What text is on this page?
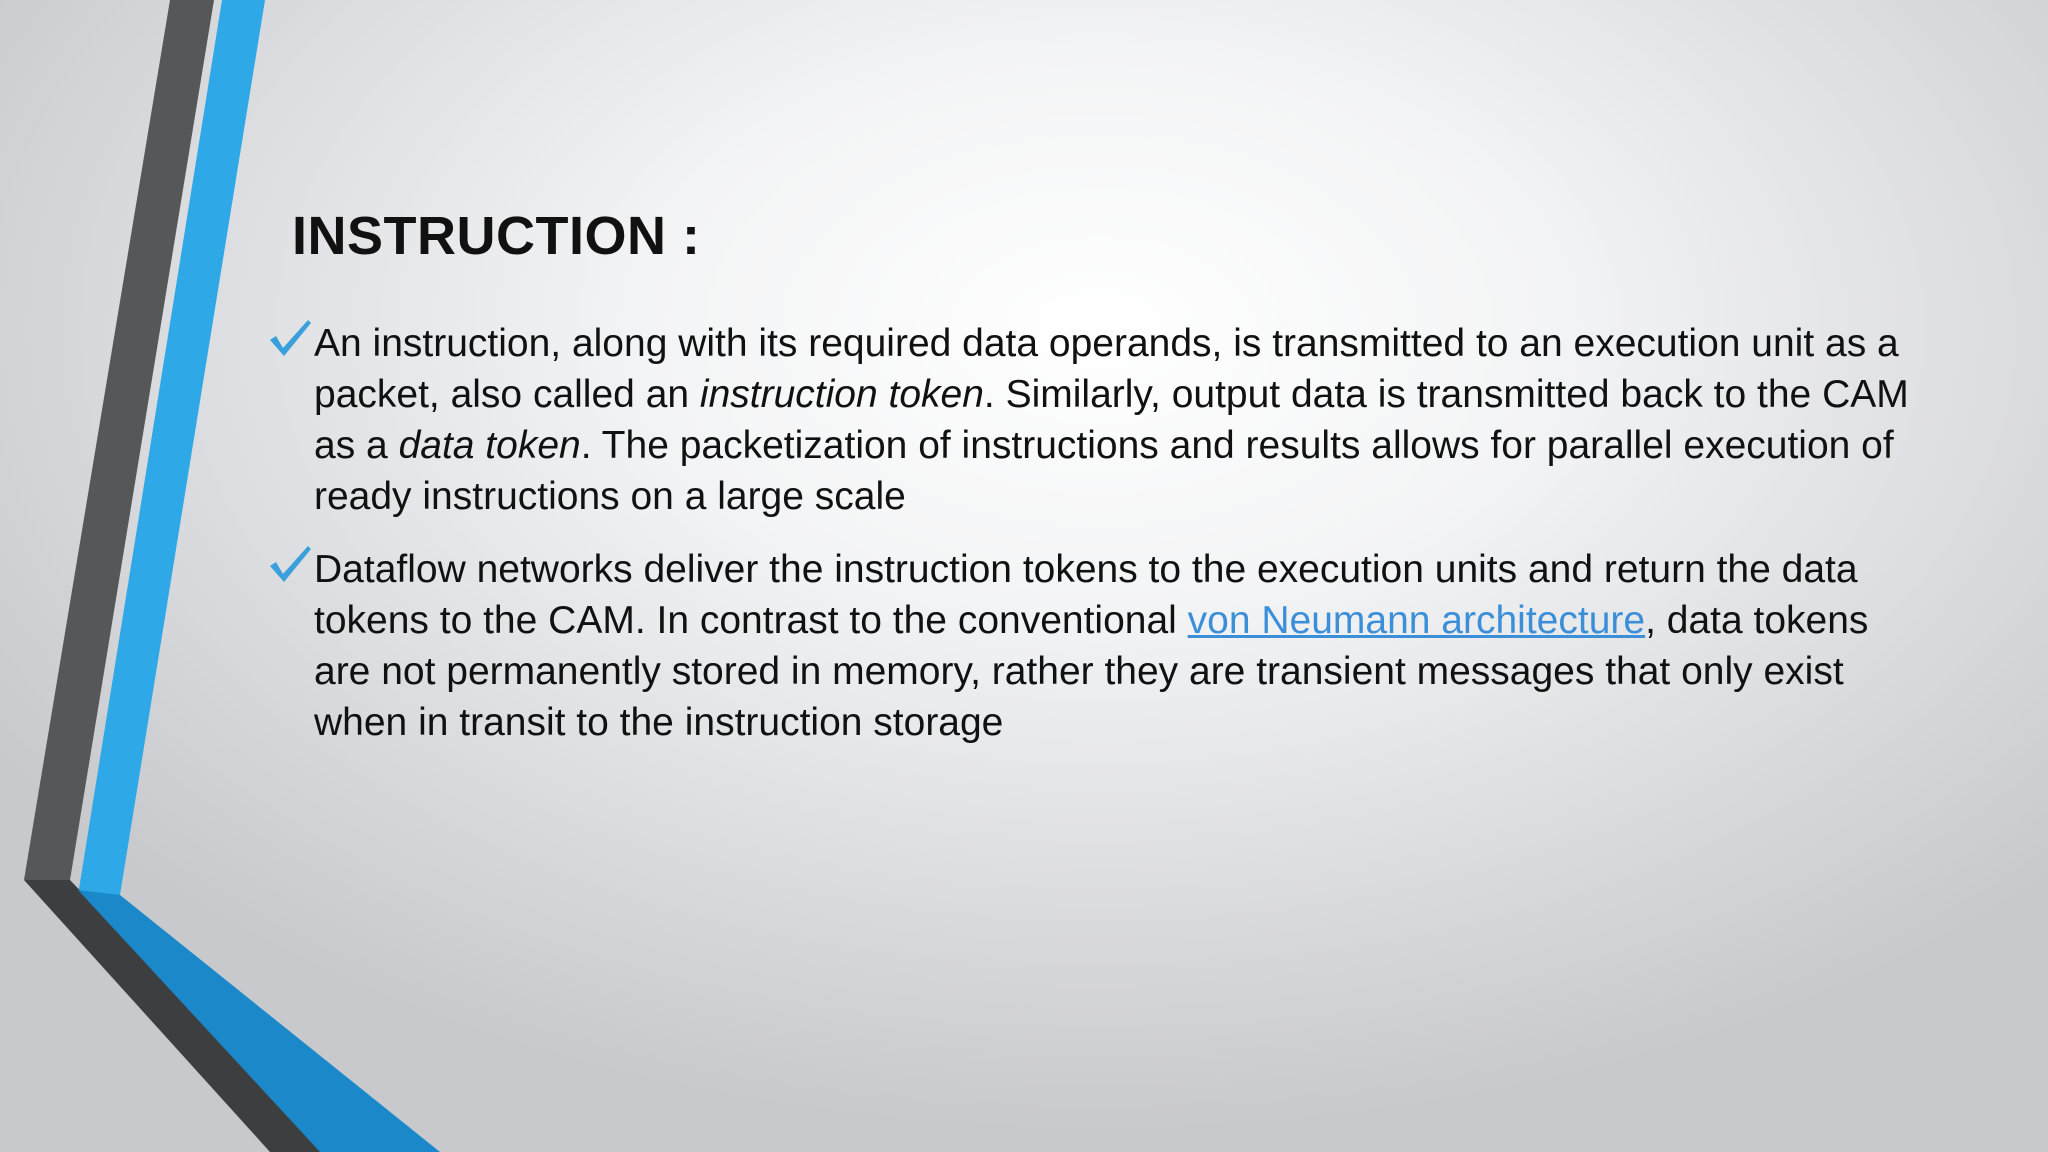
INSTRUCTION :
An instruction, along with its required data operands, is transmitted to an execution unit as a packet, also called an instruction token. Similarly, output data is transmitted back to the CAM as a data token. The packetization of instructions and results allows for parallel execution of ready instructions on a large scale
Dataflow networks deliver the instruction tokens to the execution units and return the data tokens to the CAM. In contrast to the conventional von Neumann architecture, data tokens are not permanently stored in memory, rather they are transient messages that only exist when in transit to the instruction storage
